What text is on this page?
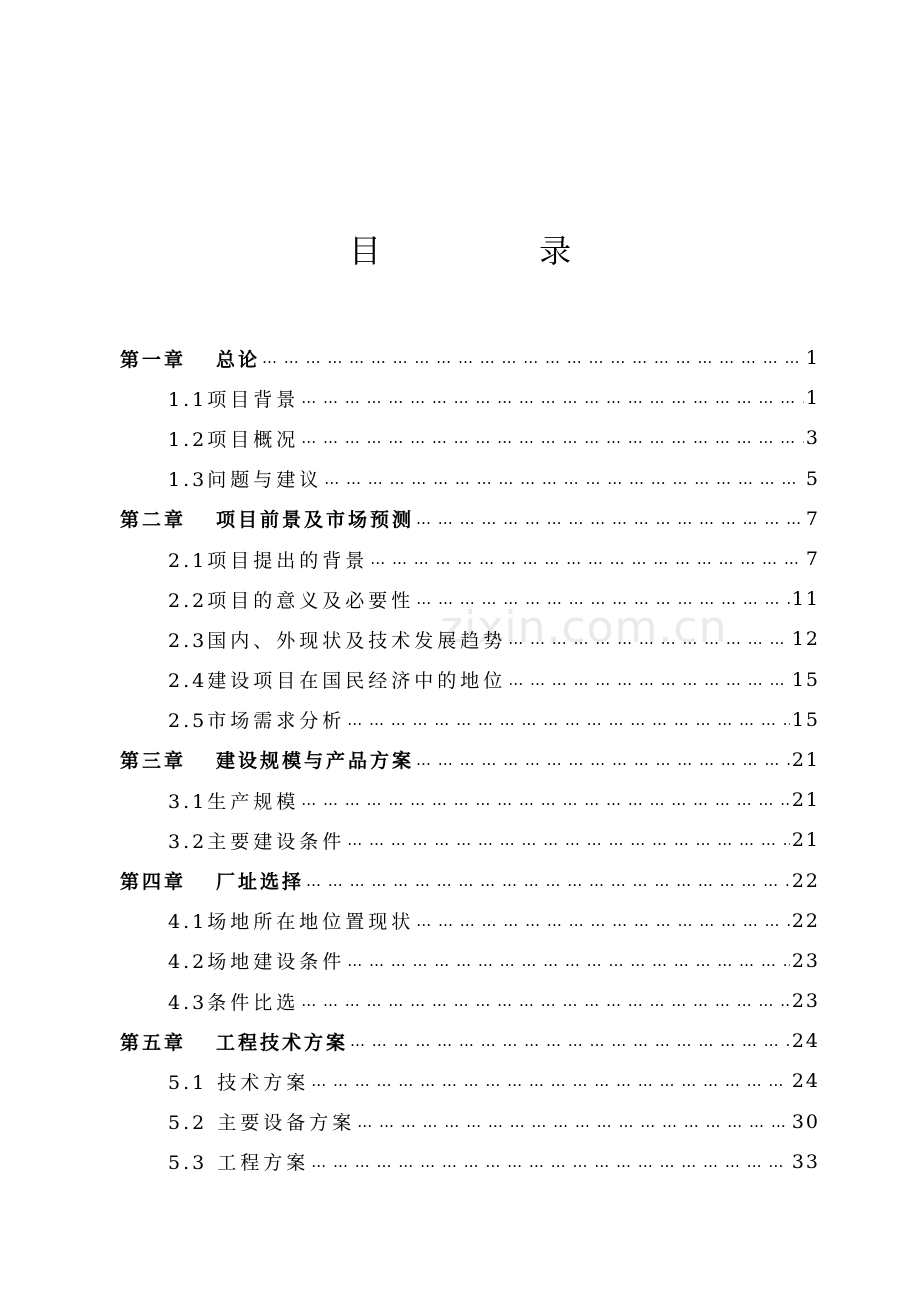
目 录
zixin.com.cn
第一章 总论 … … … … … … … … … … … … … … … … … … … … … … … … … … … … … … … … … … … … … … …	1
1.1项目背景 … … … … … … … … … … … … … … … … … … … … … … … … … … … … … … … … … … … … … … …	1
1.2项目概况 … … … … … … … … … … … … … … … … … … … … … … … … … … … … … … … … … … … … … … …	3
1.3问题与建议 … … … … … … … … … … … … … … … … … … … … … … … … … … … … … … … … … … … … … … …	5
第二章 项目前景及市场预测 … … … … … … … … … … … … … … … … … … … … … … … … … … … … … … … … … … … … … … …	7
2.1项目提出的背景 … … … … … … … … … … … … … … … … … … … … … … … … … … … … … … … … … … … … … … …	7
2.2项目的意义及必要性 … … … … … … … … … … … … … … … … … … … … … … … … … … … … … … … … … … … … … … …	11
2.3国内、外现状及技术发展趋势 … … … … … … … … … … … … … … … … … … … … … … … … … … … … … … … … … … … … … … …	12
2.4建设项目在国民经济中的地位 … … … … … … … … … … … … … … … … … … … … … … … … … … … … … … … … … … … … … … …	15
2.5市场需求分析 … … … … … … … … … … … … … … … … … … … … … … … … … … … … … … … … … … … … … … …	15
第三章 建设规模与产品方案 … … … … … … … … … … … … … … … … … … … … … … … … … … … … … … … … … … … … … … …	21
3.1生产规模 … … … … … … … … … … … … … … … … … … … … … … … … … … … … … … … … … … … … … … …	21
3.2主要建设条件 … … … … … … … … … … … … … … … … … … … … … … … … … … … … … … … … … … … … … … …	21
第四章 厂址选择 … … … … … … … … … … … … … … … … … … … … … … … … … … … … … … … … … … … … … … …	22
4.1场地所在地位置现状 … … … … … … … … … … … … … … … … … … … … … … … … … … … … … … … … … … … … … … …	22
4.2场地建设条件 … … … … … … … … … … … … … … … … … … … … … … … … … … … … … … … … … … … … … … …	23
4.3条件比选 … … … … … … … … … … … … … … … … … … … … … … … … … … … … … … … … … … … … … … …	23
第五章 工程技术方案 … … … … … … … … … … … … … … … … … … … … … … … … … … … … … … … … … … … … … … …	24
5.1 技术方案 … … … … … … … … … … … … … … … … … … … … … … … … … … … … … … … … … … … … … … …	24
5.2 主要设备方案 … … … … … … … … … … … … … … … … … … … … … … … … … … … … … … … … … … … … … … …	30
5.3 工程方案 … … … … … … … … … … … … … … … … … … … … … … … … … … … … … … … … … … … … … … …	33
